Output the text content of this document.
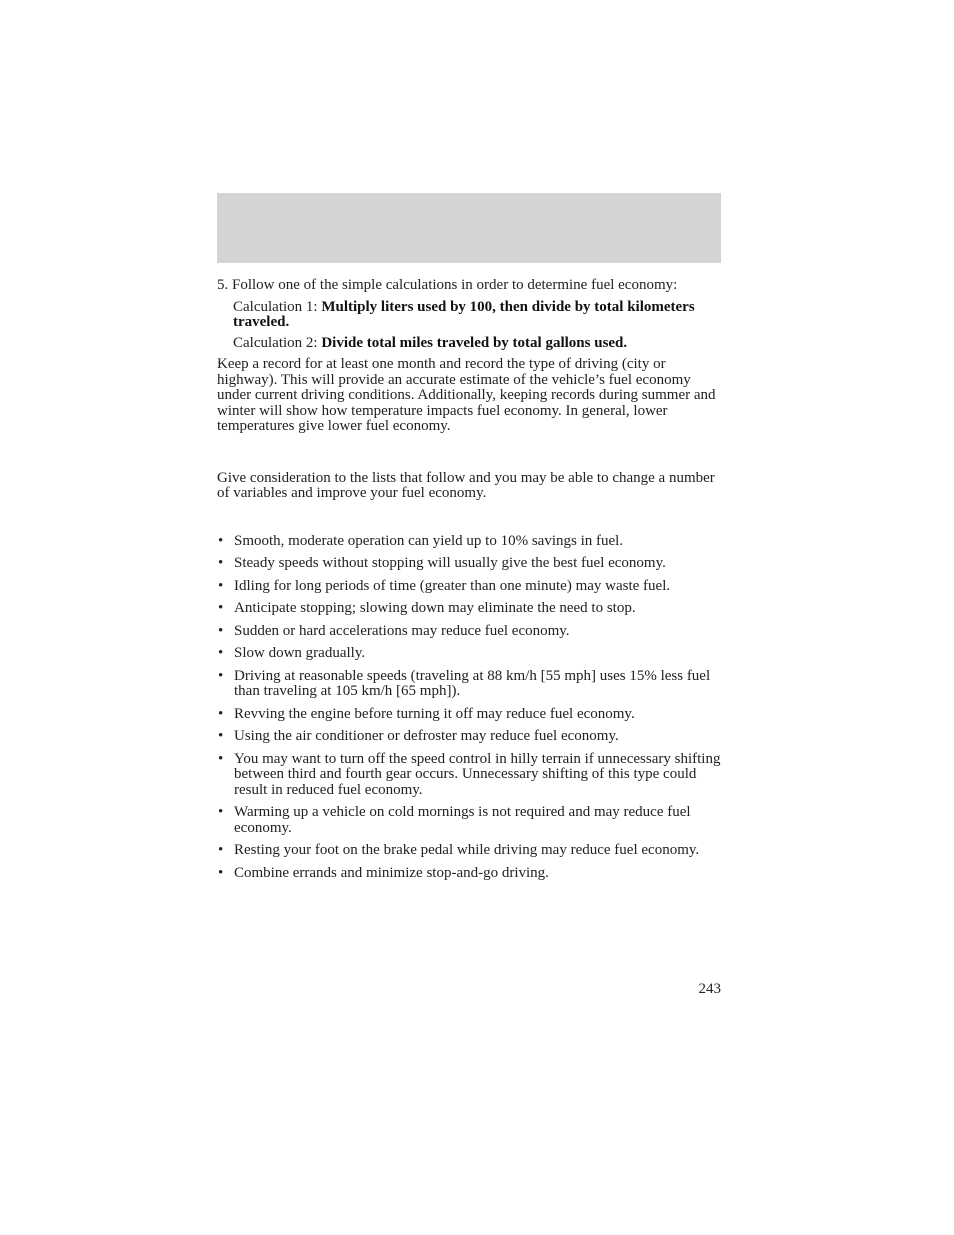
5. Follow one of the simple calculations in order to determine fuel economy:

Calculation 1: Multiply liters used by 100, then divide by total kilometers traveled.

Calculation 2: Divide total miles traveled by total gallons used.

Keep a record for at least one month and record the type of driving (city or highway). This will provide an accurate estimate of the vehicle’s fuel economy under current driving conditions. Additionally, keeping records during summer and winter will show how temperature impacts fuel economy. In general, lower temperatures give lower fuel economy.

Give consideration to the lists that follow and you may be able to change a number of variables and improve your fuel economy.

• Smooth, moderate operation can yield up to 10% savings in fuel.
• Steady speeds without stopping will usually give the best fuel economy.
• Idling for long periods of time (greater than one minute) may waste fuel.
• Anticipate stopping; slowing down may eliminate the need to stop.
• Sudden or hard accelerations may reduce fuel economy.
• Slow down gradually.
• Driving at reasonable speeds (traveling at 88 km/h [55 mph] uses 15% less fuel than traveling at 105 km/h [65 mph]).
• Revving the engine before turning it off may reduce fuel economy.
• Using the air conditioner or defroster may reduce fuel economy.
• You may want to turn off the speed control in hilly terrain if unnecessary shifting between third and fourth gear occurs. Unnecessary shifting of this type could result in reduced fuel economy.
• Warming up a vehicle on cold mornings is not required and may reduce fuel economy.
• Resting your foot on the brake pedal while driving may reduce fuel economy.
• Combine errands and minimize stop-and-go driving.
243
